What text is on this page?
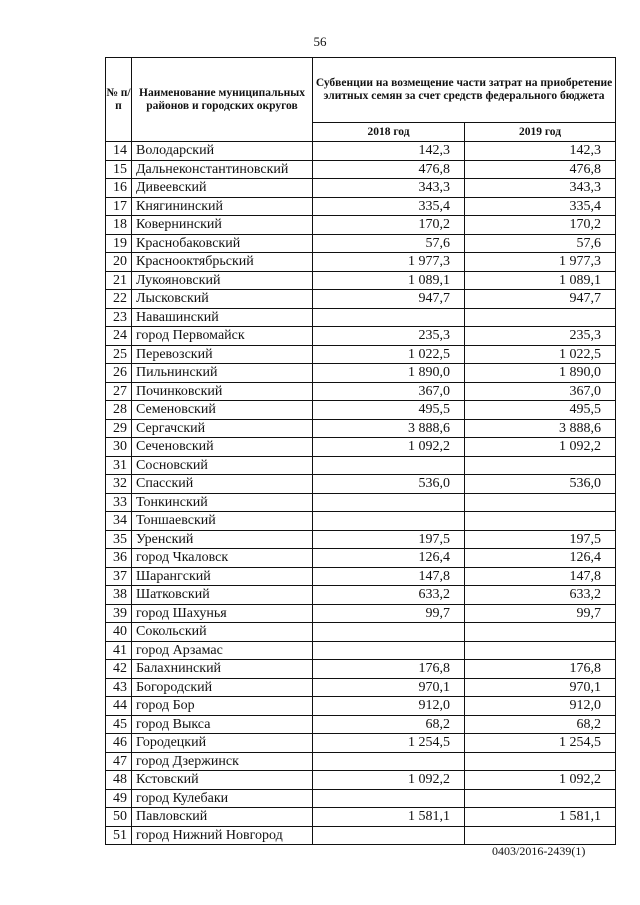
56
№ п/п	Наименование муниципальных районов и городских округов	Субвенции на возмещение части затрат на приобретение элитных семян за счет средств федерального бюджета	
		2018 год	2019 год
14	Володарский	142,3	142,3
15	Дальнеконстантиновский	476,8	476,8
16	Дивеевский	343,3	343,3
17	Княгининский	335,4	335,4
18	Ковернинский	170,2	170,2
19	Краснобаковский	57,6	57,6
20	Краснооктябрьский	1 977,3	1 977,3
21	Лукояновский	1 089,1	1 089,1
22	Лысковский	947,7	947,7
23	Навашинский		
24	город Первомайск	235,3	235,3
25	Перевозский	1 022,5	1 022,5
26	Пильнинский	1 890,0	1 890,0
27	Починковский	367,0	367,0
28	Семеновский	495,5	495,5
29	Сергачский	3 888,6	3 888,6
30	Сеченовский	1 092,2	1 092,2
31	Сосновский		
32	Спасский	536,0	536,0
33	Тонкинский		
34	Тоншаевский		
35	Уренский	197,5	197,5
36	город Чкаловск	126,4	126,4
37	Шарангский	147,8	147,8
38	Шатковский	633,2	633,2
39	город Шахунья	99,7	99,7
40	Сокольский		
41	город Арзамас		
42	Балахнинский	176,8	176,8
43	Богородский	970,1	970,1
44	город Бор	912,0	912,0
45	город Выкса	68,2	68,2
46	Городецкий	1 254,5	1 254,5
47	город Дзержинск		
48	Кстовский	1 092,2	1 092,2
49	город Кулебаки		
50	Павловский	1 581,1	1 581,1
51	город Нижний Новгород		
0403/2016-2439(1)
